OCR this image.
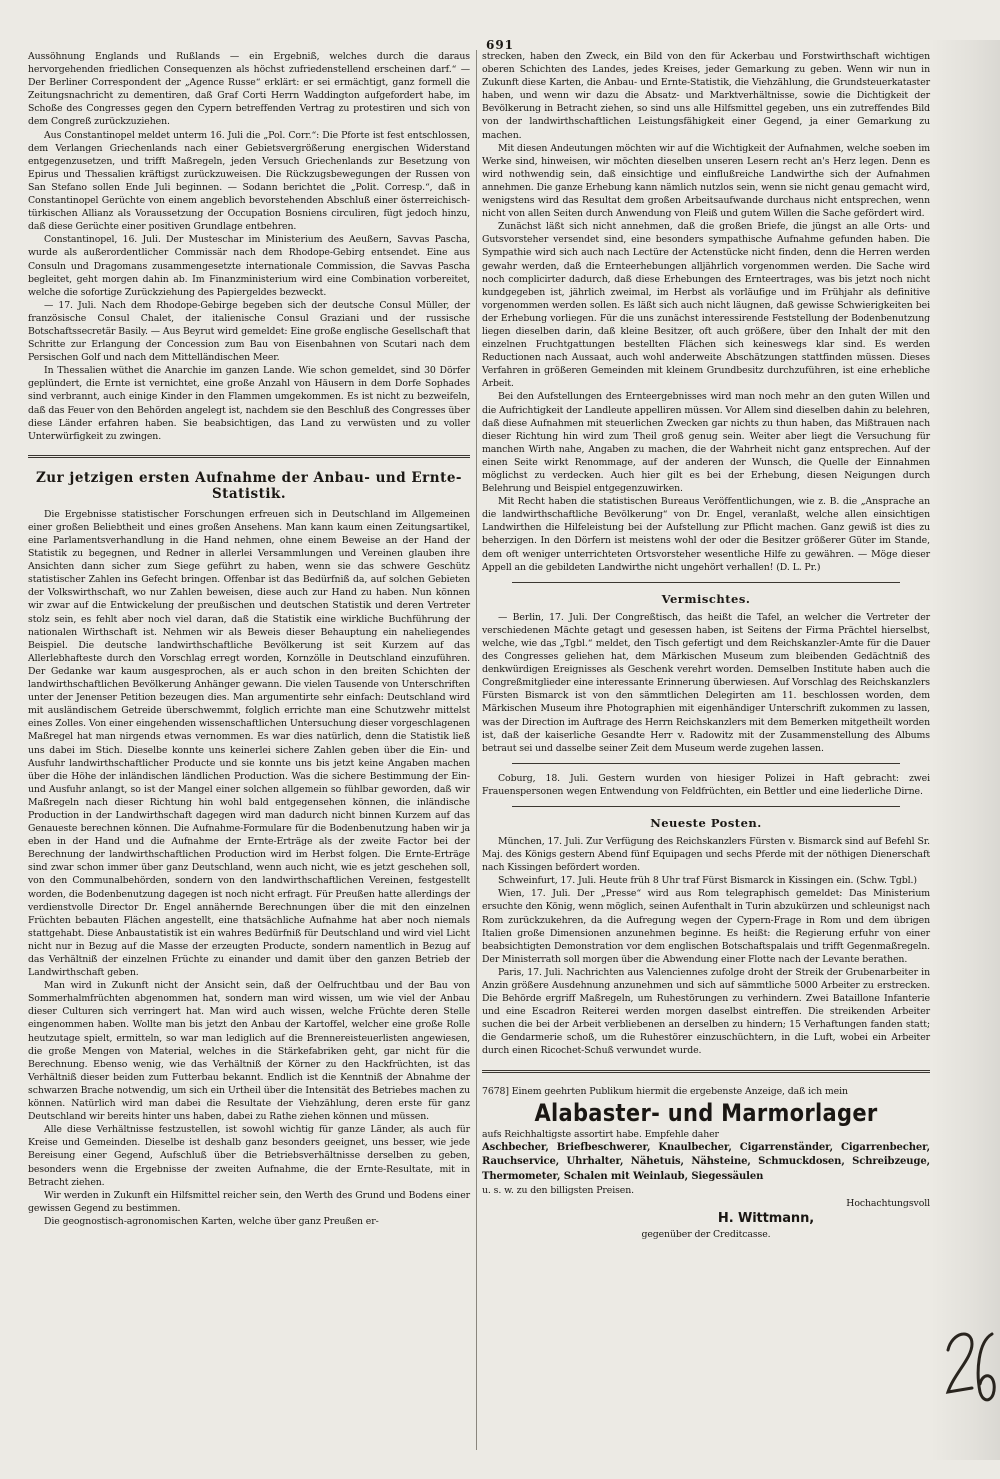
691

Aussöhnung Englands und Rußlands — ein Ergebniß, welches durch die daraus hervorgehenden friedlichen Consequenzen als höchst zufriedenstellend erscheinen darf.“ — Der Berliner Correspondent der „Agence Russe“ erklärt: er sei ermächtigt, ganz formell die Zeitungsnachricht zu dementiren, daß Graf Corti Herrn Waddington aufgefordert habe, im Schoße des Congresses gegen den Cypern betreffenden Vertrag zu protestiren und sich von dem Congreß zurückzuziehen.

Aus Constantinopel meldet unterm 16. Juli die „Pol. Corr.“: Die Pforte ist fest entschlossen, dem Verlangen Griechenlands nach einer Gebietsvergrößerung energischen Widerstand entgegenzusetzen, und trifft Maßregeln, jeden Versuch Griechenlands zur Besetzung von Epirus und Thessalien kräftigst zurückzuweisen. Die Rückzugsbewegungen der Russen von San Stefano sollen Ende Juli beginnen. — Sodann berichtet die „Polit. Corresp.“, daß in Constantinopel Gerüchte von einem angeblich bevorstehenden Abschluß einer österreichisch-türkischen Allianz als Voraussetzung der Occupation Bosniens circuliren, fügt jedoch hinzu, daß diese Gerüchte einer positiven Grundlage entbehren.

Constantinopel, 16. Juli. Der Musteschar im Ministerium des Aeußern, Savvas Pascha, wurde als außerordentlicher Commissär nach dem Rhodope-Gebirg entsendet. Eine aus Consuln und Dragomans zusammengesetzte internationale Commission, die Savvas Pascha begleitet, geht morgen dahin ab. Im Finanzministerium wird eine Combination vorbereitet, welche die sofortige Zurückziehung des Papiergeldes bezweckt.

— 17. Juli. Nach dem Rhodope-Gebirge begeben sich der deutsche Consul Müller, der französische Consul Chalet, der italienische Consul Graziani und der russische Botschaftssecretär Basily. — Aus Beyrut wird gemeldet: Eine große englische Gesellschaft that Schritte zur Erlangung der Concession zum Bau von Eisenbahnen von Scutari nach dem Persischen Golf und nach dem Mittelländischen Meer.

In Thessalien wüthet die Anarchie im ganzen Lande. Wie schon gemeldet, sind 30 Dörfer geplündert, die Ernte ist vernichtet, eine große Anzahl von Häusern in dem Dorfe Sophades sind verbrannt, auch einige Kinder in den Flammen umgekommen. Es ist nicht zu bezweifeln, daß das Feuer von den Behörden angelegt ist, nachdem sie den Beschluß des Congresses über diese Länder erfahren haben. Sie beabsichtigen, das Land zu verwüsten und zu voller Unterwürfigkeit zu zwingen.

Zur jetzigen ersten Aufnahme der Anbau- und Ernte-Statistik.

Die Ergebnisse statistischer Forschungen erfreuen sich in Deutschland im Allgemeinen einer großen Beliebtheit und eines großen Ansehens. Man kann kaum einen Zeitungsartikel, eine Parlamentsverhandlung in die Hand nehmen, ohne einem Beweise an der Hand der Statistik zu begegnen, und Redner in allerlei Versammlungen und Vereinen glauben ihre Ansichten dann sicher zum Siege geführt zu haben, wenn sie das schwere Geschütz statistischer Zahlen ins Gefecht bringen. Offenbar ist das Bedürfniß da, auf solchen Gebieten der Volkswirthschaft, wo nur Zahlen beweisen, diese auch zur Hand zu haben. Nun können wir zwar auf die Entwickelung der preußischen und deutschen Statistik und deren Vertreter stolz sein, es fehlt aber noch viel daran, daß die Statistik eine wirkliche Buchführung der nationalen Wirthschaft ist. Nehmen wir als Beweis dieser Behauptung ein naheliegendes Beispiel. Die deutsche landwirthschaftliche Bevölkerung ist seit Kurzem auf das Allerlebhafteste durch den Vorschlag erregt worden, Kornzölle in Deutschland einzuführen. Der Gedanke war kaum ausgesprochen, als er auch schon in den breiten Schichten der landwirthschaftlichen Bevölkerung Anhänger gewann. Die vielen Tausende von Unterschriften unter der Jenenser Petition bezeugen dies. Man argumentirte sehr einfach: Deutschland wird mit ausländischem Getreide überschwemmt, folglich errichte man eine Schutzwehr mittelst eines Zolles. Von einer eingehenden wissenschaftlichen Untersuchung dieser vorgeschlagenen Maßregel hat man nirgends etwas vernommen. Es war dies natürlich, denn die Statistik ließ uns dabei im Stich. Dieselbe konnte uns keinerlei sichere Zahlen geben über die Ein- und Ausfuhr landwirthschaftlicher Producte und sie konnte uns bis jetzt keine Angaben machen über die Höhe der inländischen ländlichen Production. Was die sichere Bestimmung der Ein- und Ausfuhr anlangt, so ist der Mangel einer solchen allgemein so fühlbar geworden, daß wir Maßregeln nach dieser Richtung hin wohl bald entgegensehen können, die inländische Production in der Landwirthschaft dagegen wird man dadurch nicht binnen Kurzem auf das Genaueste berechnen können. Die Aufnahme-Formulare für die Bodenbenutzung haben wir ja eben in der Hand und die Aufnahme der Ernte-Erträge als der zweite Factor bei der Berechnung der landwirthschaftlichen Production wird im Herbst folgen. Die Ernte-Erträge sind zwar schon immer über ganz Deutschland, wenn auch nicht, wie es jetzt geschehen soll, von den Communalbehörden, sondern von den landwirthschaftlichen Vereinen, festgestellt worden, die Bodenbenutzung dagegen ist noch nicht erfragt. Für Preußen hatte allerdings der verdienstvolle Director Dr. Engel annähernde Berechnungen über die mit den einzelnen Früchten bebauten Flächen angestellt, eine thatsächliche Aufnahme hat aber noch niemals stattgehabt. Diese Anbaustatistik ist ein wahres Bedürfniß für Deutschland und wird viel Licht nicht nur in Bezug auf die Masse der erzeugten Producte, sondern namentlich in Bezug auf das Verhältniß der einzelnen Früchte zu einander und damit über den ganzen Betrieb der Landwirthschaft geben.

Man wird in Zukunft nicht der Ansicht sein, daß der Oelfruchtbau und der Bau von Sommerhalmfrüchten abgenommen hat, sondern man wird wissen, um wie viel der Anbau dieser Culturen sich verringert hat. Man wird auch wissen, welche Früchte deren Stelle eingenommen haben. Wollte man bis jetzt den Anbau der Kartoffel, welcher eine große Rolle heutzutage spielt, ermitteln, so war man lediglich auf die Brennereisteuerlisten angewiesen, die große Mengen von Material, welches in die Stärkefabriken geht, gar nicht für die Berechnung. Ebenso wenig, wie das Verhältniß der Körner zu den Hackfrüchten, ist das Verhältniß dieser beiden zum Futterbau bekannt. Endlich ist die Kenntniß der Abnahme der schwarzen Brache notwendig, um sich ein Urtheil über die Intensität des Betriebes machen zu können. Natürlich wird man dabei die Resultate der Viehzählung, deren erste für ganz Deutschland wir bereits hinter uns haben, dabei zu Rathe ziehen können und müssen.

Alle diese Verhältnisse festzustellen, ist sowohl wichtig für ganze Länder, als auch für Kreise und Gemeinden. Dieselbe ist deshalb ganz besonders geeignet, uns besser, wie jede Bereisung einer Gegend, Aufschluß über die Betriebsverhältnisse derselben zu geben, besonders wenn die Ergebnisse der zweiten Aufnahme, die der Ernte-Resultate, mit in Betracht ziehen.

Wir werden in Zukunft ein Hilfsmittel reicher sein, den Werth des Grund und Bodens einer gewissen Gegend zu bestimmen.

Die geognostisch-agronomischen Karten, welche über ganz Preußen er-

strecken, haben den Zweck, ein Bild von den für Ackerbau und Forstwirthschaft wichtigen oberen Schichten des Landes, jedes Kreises, jeder Gemarkung zu geben. Wenn wir nun in Zukunft diese Karten, die Anbau- und Ernte-Statistik, die Viehzählung, die Grundsteuerkataster haben, und wenn wir dazu die Absatz- und Marktverhältnisse, sowie die Dichtigkeit der Bevölkerung in Betracht ziehen, so sind uns alle Hilfsmittel gegeben, uns ein zutreffendes Bild von der landwirthschaftlichen Leistungsfähigkeit einer Gegend, ja einer Gemarkung zu machen.

Mit diesen Andeutungen möchten wir auf die Wichtigkeit der Aufnahmen, welche soeben im Werke sind, hinweisen, wir möchten dieselben unseren Lesern recht an's Herz legen. Denn es wird nothwendig sein, daß einsichtige und einflußreiche Landwirthe sich der Aufnahmen annehmen. Die ganze Erhebung kann nämlich nutzlos sein, wenn sie nicht genau gemacht wird, wenigstens wird das Resultat dem großen Arbeitsaufwande durchaus nicht entsprechen, wenn nicht von allen Seiten durch Anwendung von Fleiß und gutem Willen die Sache gefördert wird.

Zunächst läßt sich nicht annehmen, daß die großen Briefe, die jüngst an alle Orts- und Gutsvorsteher versendet sind, eine besonders sympathische Aufnahme gefunden haben. Die Sympathie wird sich auch nach Lectüre der Actenstücke nicht finden, denn die Herren werden gewahr werden, daß die Ernteerhebungen alljährlich vorgenommen werden. Die Sache wird noch complicirter dadurch, daß diese Erhebungen des Ernteertrages, was bis jetzt noch nicht kundgegeben ist, jährlich zweimal, im Herbst als vorläufige und im Frühjahr als definitive vorgenommen werden sollen. Es läßt sich auch nicht läugnen, daß gewisse Schwierigkeiten bei der Erhebung vorliegen. Für die uns zunächst interessirende Feststellung der Bodenbenutzung liegen dieselben darin, daß kleine Besitzer, oft auch größere, über den Inhalt der mit den einzelnen Fruchtgattungen bestellten Flächen sich keineswegs klar sind. Es werden Reductionen nach Aussaat, auch wohl anderweite Abschätzungen stattfinden müssen. Dieses Verfahren in größeren Gemeinden mit kleinem Grundbesitz durchzuführen, ist eine erhebliche Arbeit.

Bei den Aufstellungen des Ernteergebnisses wird man noch mehr an den guten Willen und die Aufrichtigkeit der Landleute appelliren müssen. Vor Allem sind dieselben dahin zu belehren, daß diese Aufnahmen mit steuerlichen Zwecken gar nichts zu thun haben, das Mißtrauen nach dieser Richtung hin wird zum Theil groß genug sein. Weiter aber liegt die Versuchung für manchen Wirth nahe, Angaben zu machen, die der Wahrheit nicht ganz entsprechen. Auf der einen Seite wirkt Renommage, auf der anderen der Wunsch, die Quelle der Einnahmen möglichst zu verdecken. Auch hier gilt es bei der Erhebung, diesen Neigungen durch Belehrung und Beispiel entgegenzuwirken.

Mit Recht haben die statistischen Bureaus Veröffentlichungen, wie z. B. die „Ansprache an die landwirthschaftliche Bevölkerung“ von Dr. Engel, veranlaßt, welche allen einsichtigen Landwirthen die Hilfeleistung bei der Aufstellung zur Pflicht machen. Ganz gewiß ist dies zu beherzigen. In den Dörfern ist meistens wohl der oder die Besitzer größerer Güter im Stande, dem oft weniger unterrichteten Ortsvorsteher wesentliche Hilfe zu gewähren. — Möge dieser Appell an die gebildeten Landwirthe nicht ungehört verhallen! (D. L. Pr.)

Vermischtes.

— Berlin, 17. Juli. Der Congreßtisch, das heißt die Tafel, an welcher die Vertreter der verschiedenen Mächte getagt und gesessen haben, ist Seitens der Firma Prächtel hierselbst, welche, wie das „Tgbl.“ meldet, den Tisch gefertigt und dem Reichskanzler-Amte für die Dauer des Congresses geliehen hat, dem Märkischen Museum zum bleibenden Gedächtniß des denkwürdigen Ereignisses als Geschenk verehrt worden. Demselben Institute haben auch die Congreßmitglieder eine interessante Erinnerung überwiesen. Auf Vorschlag des Reichskanzlers Fürsten Bismarck ist von den sämmtlichen Delegirten am 11. beschlossen worden, dem Märkischen Museum ihre Photographien mit eigenhändiger Unterschrift zukommen zu lassen, was der Direction im Auftrage des Herrn Reichskanzlers mit dem Bemerken mitgetheilt worden ist, daß der kaiserliche Gesandte Herr v. Radowitz mit der Zusammenstellung des Albums betraut sei und dasselbe seiner Zeit dem Museum werde zugehen lassen.

Coburg, 18. Juli. Gestern wurden von hiesiger Polizei in Haft gebracht: zwei Frauenspersonen wegen Entwendung von Feldfrüchten, ein Bettler und eine liederliche Dirne.

Neueste Posten.

München, 17. Juli. Zur Verfügung des Reichskanzlers Fürsten v. Bismarck sind auf Befehl Sr. Maj. des Königs gestern Abend fünf Equipagen und sechs Pferde mit der nöthigen Dienerschaft nach Kissingen befördert worden.

Schweinfurt, 17. Juli. Heute früh 8 Uhr traf Fürst Bismarck in Kissingen ein. (Schw. Tgbl.)

Wien, 17. Juli. Der „Presse“ wird aus Rom telegraphisch gemeldet: Das Ministerium ersuchte den König, wenn möglich, seinen Aufenthalt in Turin abzukürzen und schleunigst nach Rom zurückzukehren, da die Aufregung wegen der Cypern-Frage in Rom und dem übrigen Italien große Dimensionen anzunehmen beginne. Es heißt: die Regierung erfuhr von einer beabsichtigten Demonstration vor dem englischen Botschaftspalais und trifft Gegenmaßregeln. Der Ministerrath soll morgen über die Abwendung einer Flotte nach der Levante berathen.

Paris, 17. Juli. Nachrichten aus Valenciennes zufolge droht der Streik der Grubenarbeiter in Anzin größere Ausdehnung anzunehmen und sich auf sämmtliche 5000 Arbeiter zu erstrecken. Die Behörde ergriff Maßregeln, um Ruhestörungen zu verhindern. Zwei Bataillone Infanterie und eine Escadron Reiterei werden morgen daselbst eintreffen. Die streikenden Arbeiter suchen die bei der Arbeit verbliebenen an derselben zu hindern; 15 Verhaftungen fanden statt; die Gendarmerie schoß, um die Ruhestörer einzuschüchtern, in die Luft, wobei ein Arbeiter durch einen Ricochet-Schuß verwundet wurde.

7678] Einem geehrten Publikum hiermit die ergebenste Anzeige, daß ich mein

Alabaster- und Marmorlager

aufs Reichhaltigste assortirt habe. Empfehle daher

Aschbecher, Briefbeschwerer, Knaulbecher, Cigarrenständer, Cigarrenbecher, Rauchservice, Uhrhalter, Nähetuis, Nähsteine, Schmuckdosen, Schreibzeuge, Thermometer, Schalen mit Weinlaub, Siegessäulen

u. s. w. zu den billigsten Preisen.

Hochachtungsvoll

H. Wittmann,

gegenüber der Creditcasse.
